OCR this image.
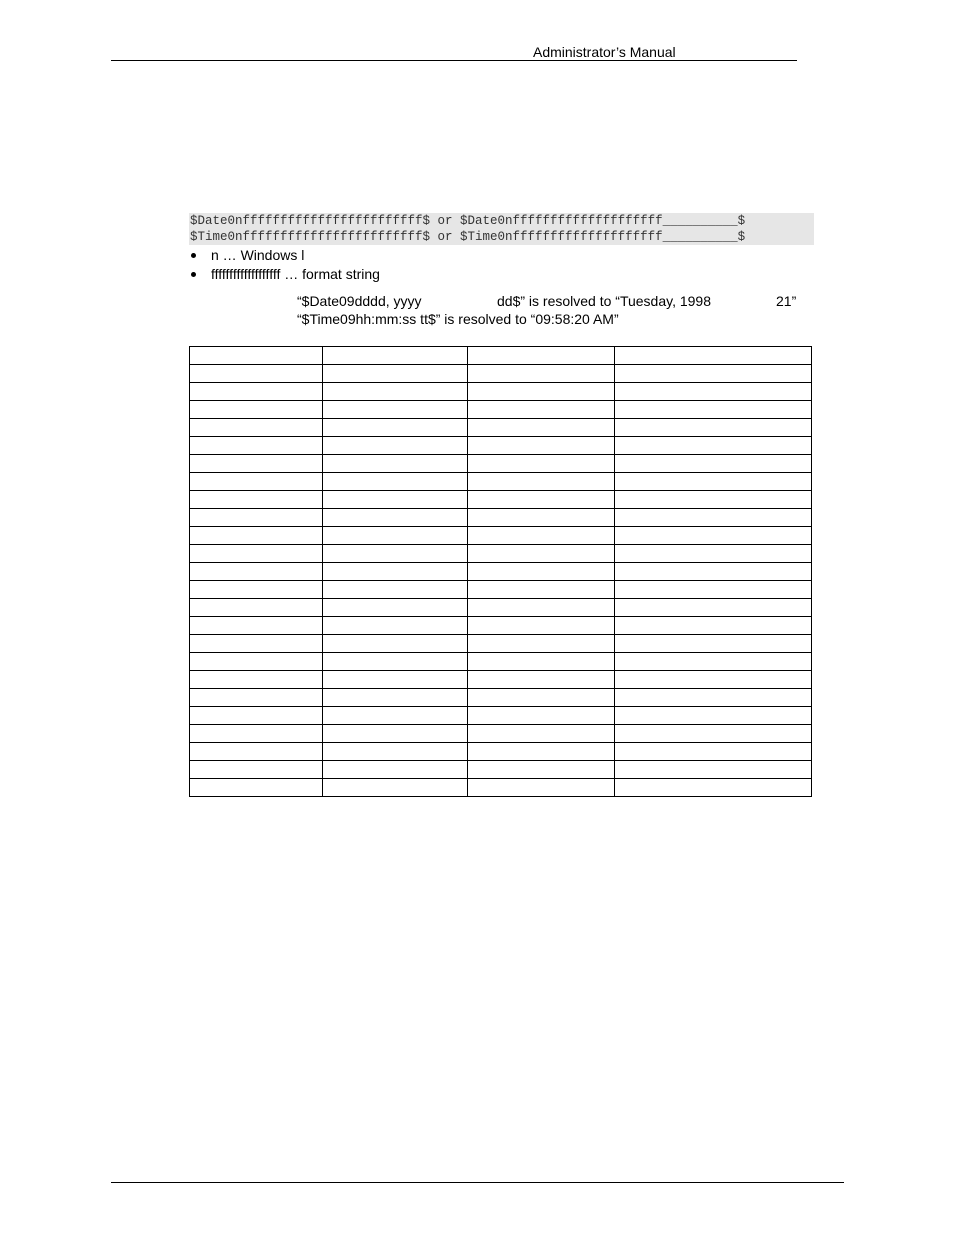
Administrator’s Manual
$Date0nffffffffffffffffffffffff$ or $Date0nffffffffffffffffffff__________$
$Time0nffffffffffffffffffffffff$ or $Time0nffffffffffffffffffff__________$
n … Windows l
fffffffffffffffffff … format string
“$Date09dddd, yyyy	dd$” is resolved to “Tuesday, 1998	21”
“$Time09hh:mm:ss tt$” is resolved to “09:58:20 AM”
